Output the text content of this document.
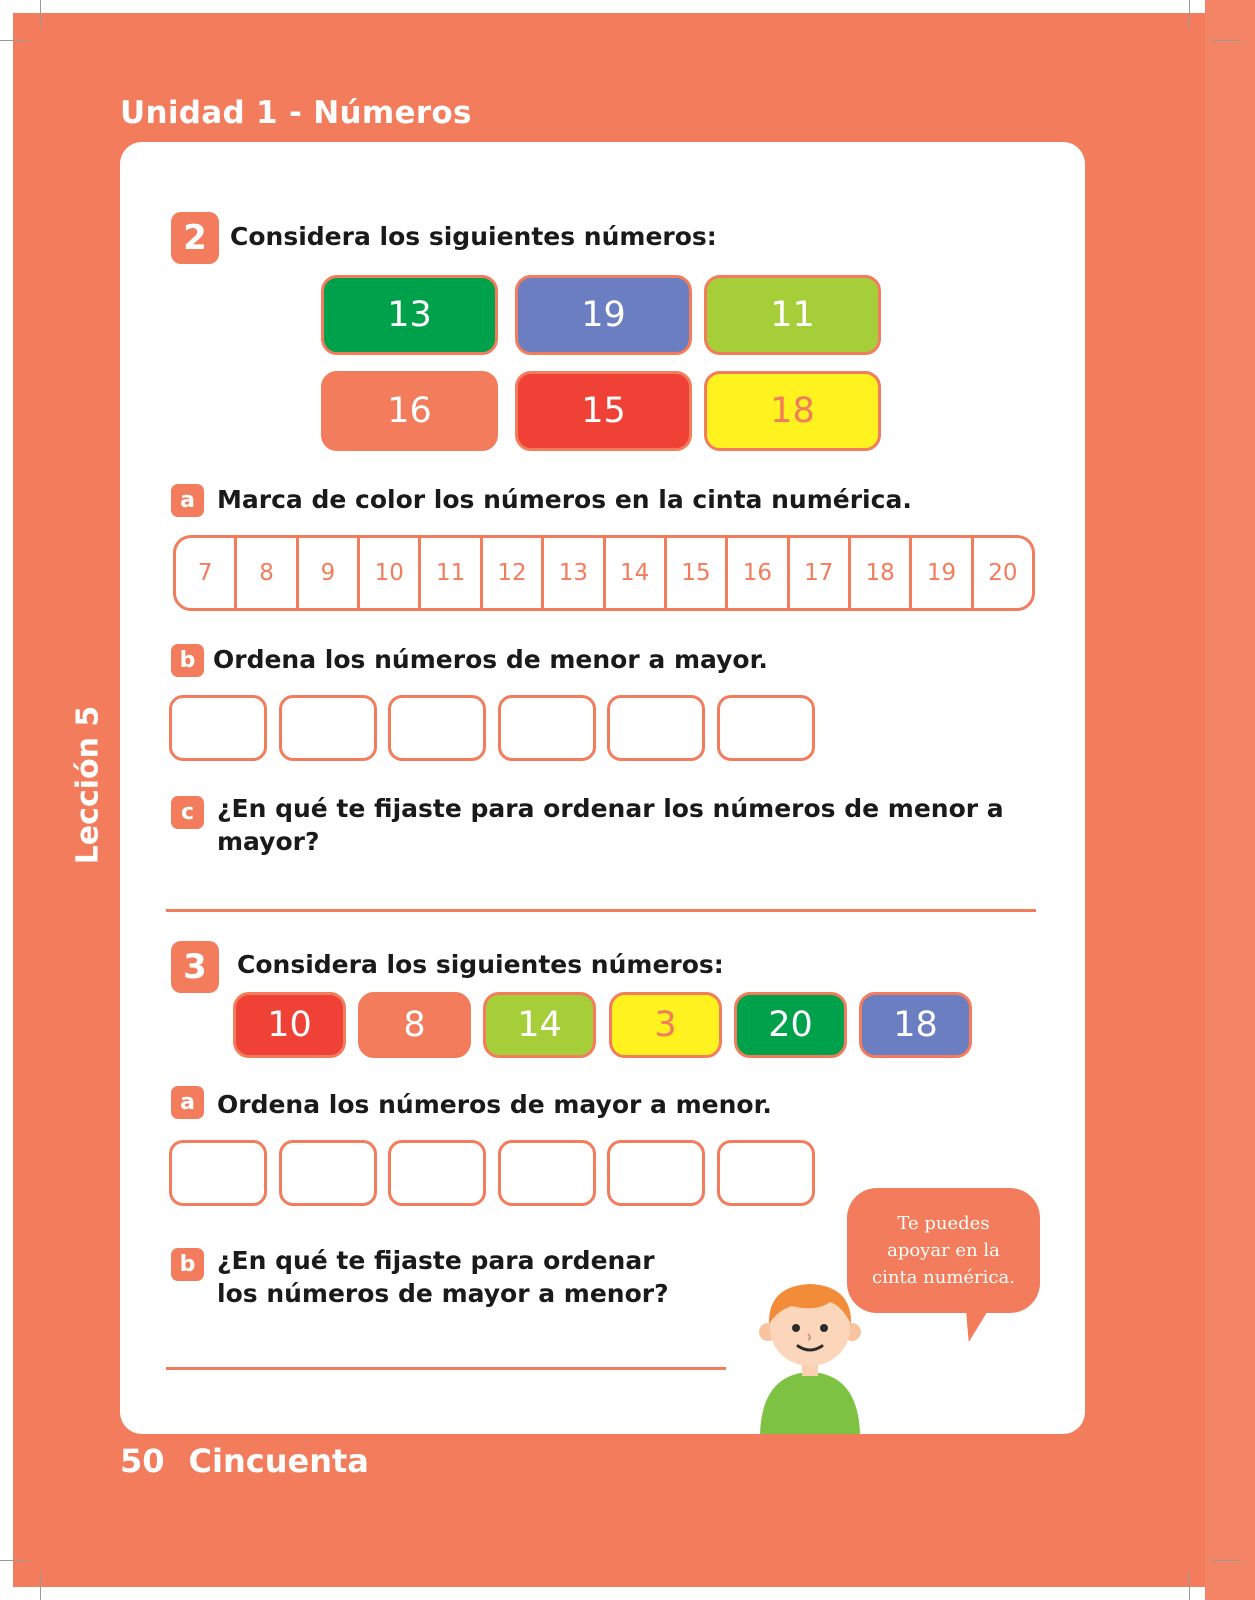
Unidad 1 - Números
Lección 5
50 Cincuenta
2 Considera los siguientes números:
13	19	11
16	15	18
a Marca de color los números en la cinta numérica.
7	8	9	10	11	12	13	14	15	16	17	18	19	20
b Ordena los números de menor a mayor.
c ¿En qué te fijaste para ordenar los números de menor a
mayor?
3	Considera los siguientes números:
10	8	14	3	20	18
a Ordena los números de mayor a menor.
b ¿En qué te fijaste para ordenar
los números de mayor a menor?
Te puedes
apoyar en la
cinta numérica.
